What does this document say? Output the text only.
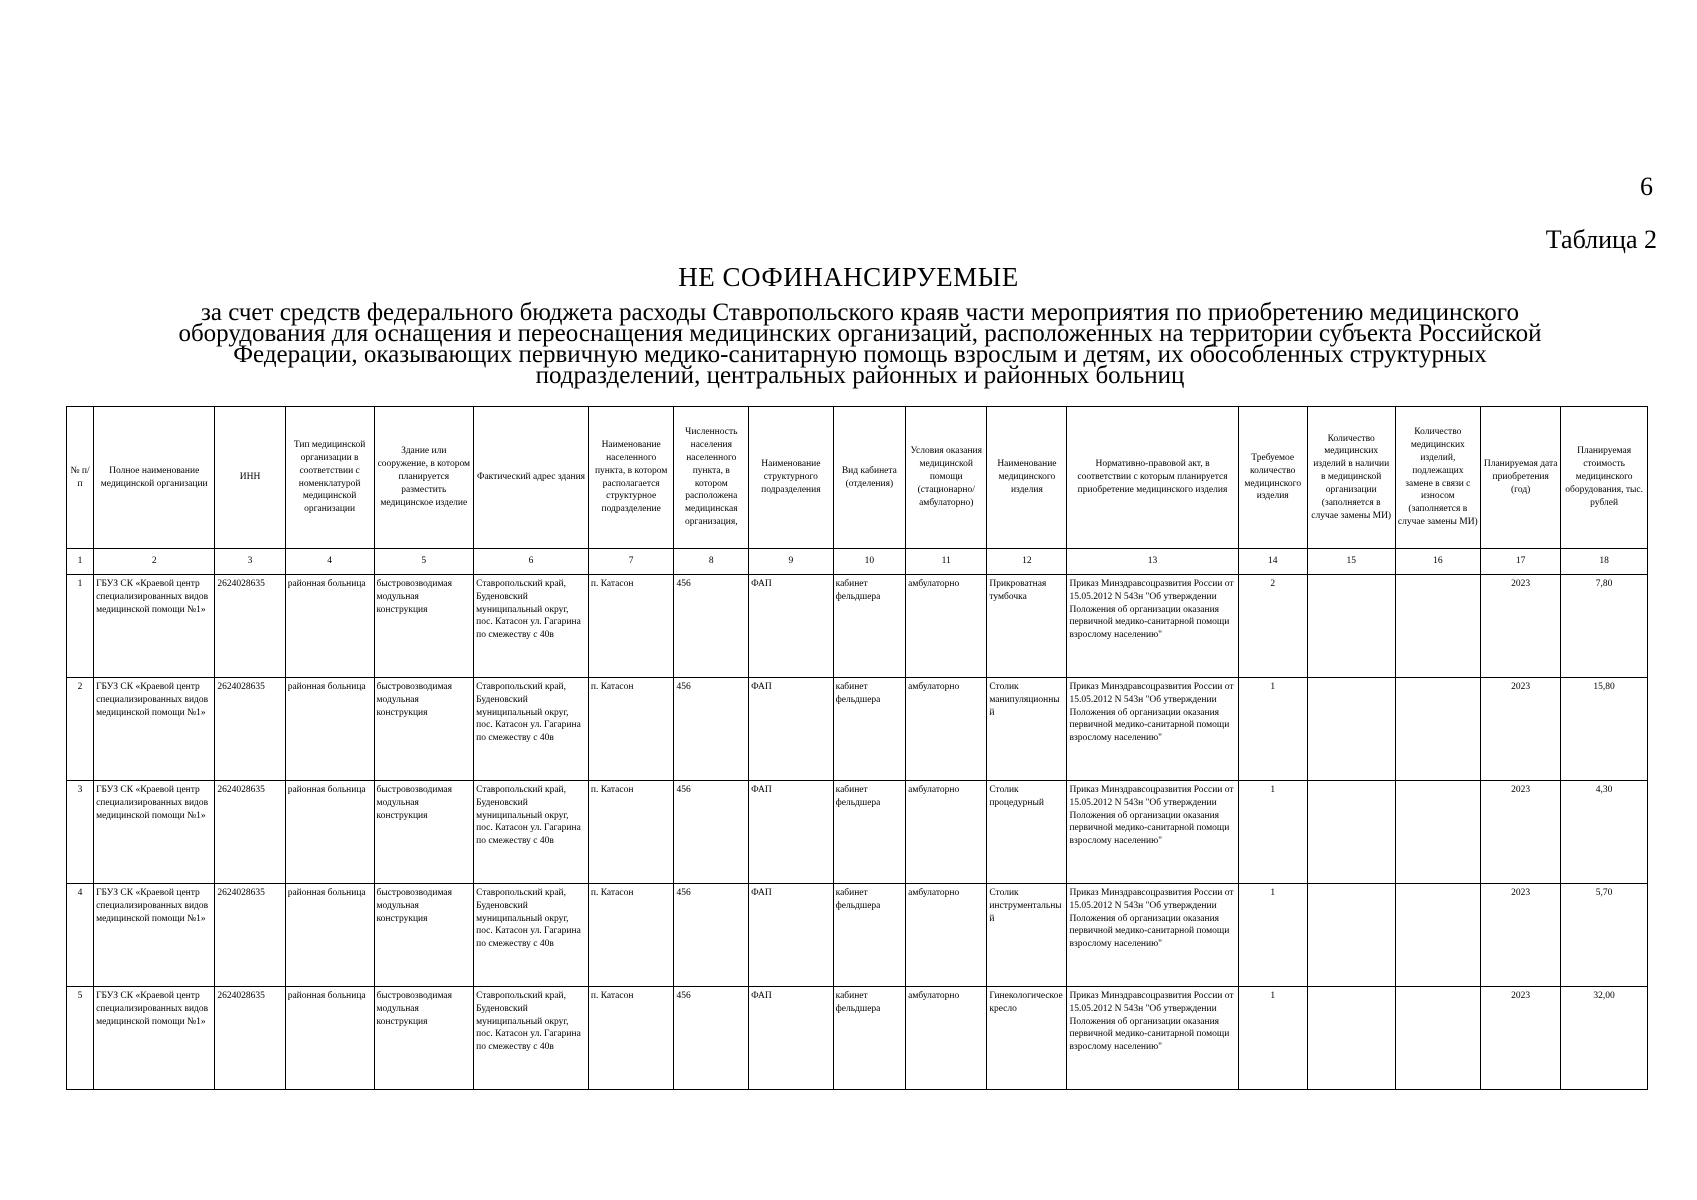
6
Таблица 2
НЕ СОФИНАНСИРУЕМЫЕ
за счет средств федерального бюджета расходы Ставропольского краяв части мероприятия по приобретению медицинского
оборудования для оснащения и переоснащения медицинских организаций, расположенных на территории субъекта Российской
Федерации, оказывающих первичную медико-санитарную помощь взрослым и детям, их обособленных структурных
подразделений, центральных районных и районных больниц
№ п/п	Полное наименование медицинской организации	ИНН	Тип медицинской организации в соответствии с номенклатурой медицинской организации	Здание или сооружение, в котором планируется разместить медицинское изделие	Фактический адрес здания	Наименование населенного пункта, в котором располагается структурное подразделение	Численность населения населенного пункта, в котором расположена медицинская организация,	Наименование структурного подразделения	Вид кабинета (отделения)	Условия оказания медицинской помощи (стационарно/амбулаторно)	Наименование медицинского изделия	Нормативно-правовой акт, в соответствии с которым планируется приобретение медицинского изделия	Требуемое количество медицинского изделия	Количество медицинских изделий в наличии в медицинской организации (заполняется в случае замены МИ)	Количество медицинских изделий, подлежащих замене в связи с износом (заполняется в случае замены МИ)	Планируемая дата приобретения (год)	Планируемая стоимость медицинского оборудования, тыс. рублей
1	2	3	4	5	6	7	8	9	10	11	12	13	14	15	16	17	18
1	ГБУЗ СК «Краевой центр специализированных видов медицинской помощи №1»	2624028635	районная больница	быстровозводимая модульная конструкция	Ставропольский край, Буденовский муниципальный округ, пос. Катасон ул. Гагарина по смежеству с 40в	п. Катасон	456	ФАП	кабинет фельдшера	амбулаторно	Прикроватная тумбочка	Приказ Минздравсоцразвития России от 15.05.2012 N 543н "Об утверждении Положения об организации оказания первичной медико-санитарной помощи взрослому населению"	2			2023	7,80
2	ГБУЗ СК «Краевой центр специализированных видов медицинской помощи №1»	2624028635	районная больница	быстровозводимая модульная конструкция	Ставропольский край, Буденовский муниципальный округ, пос. Катасон ул. Гагарина по смежеству с 40в	п. Катасон	456	ФАП	кабинет фельдшера	амбулаторно	Столик манипуляционный	Приказ Минздравсоцразвития России от 15.05.2012 N 543н "Об утверждении Положения об организации оказания первичной медико-санитарной помощи взрослому населению"	1			2023	15,80
3	ГБУЗ СК «Краевой центр специализированных видов медицинской помощи №1»	2624028635	районная больница	быстровозводимая модульная конструкция	Ставропольский край, Буденовский муниципальный округ, пос. Катасон ул. Гагарина по смежеству с 40в	п. Катасон	456	ФАП	кабинет фельдшера	амбулаторно	Столик процедурный	Приказ Минздравсоцразвития России от 15.05.2012 N 543н "Об утверждении Положения об организации оказания первичной медико-санитарной помощи взрослому населению"	1			2023	4,30
4	ГБУЗ СК «Краевой центр специализированных видов медицинской помощи №1»	2624028635	районная больница	быстровозводимая модульная конструкция	Ставропольский край, Буденовский муниципальный округ, пос. Катасон ул. Гагарина по смежеству с 40в	п. Катасон	456	ФАП	кабинет фельдшера	амбулаторно	Столик инструментальный	Приказ Минздравсоцразвития России от 15.05.2012 N 543н "Об утверждении Положения об организации оказания первичной медико-санитарной помощи взрослому населению"	1			2023	5,70
5	ГБУЗ СК «Краевой центр специализированных видов медицинской помощи №1»	2624028635	районная больница	быстровозводимая модульная конструкция	Ставропольский край, Буденовский муниципальный округ, пос. Катасон ул. Гагарина по смежеству с 40в	п. Катасон	456	ФАП	кабинет фельдшера	амбулаторно	Гинекологическое кресло	Приказ Минздравсоцразвития России от 15.05.2012 N 543н "Об утверждении Положения об организации оказания первичной медико-санитарной помощи взрослому населению"	1			2023	32,00
